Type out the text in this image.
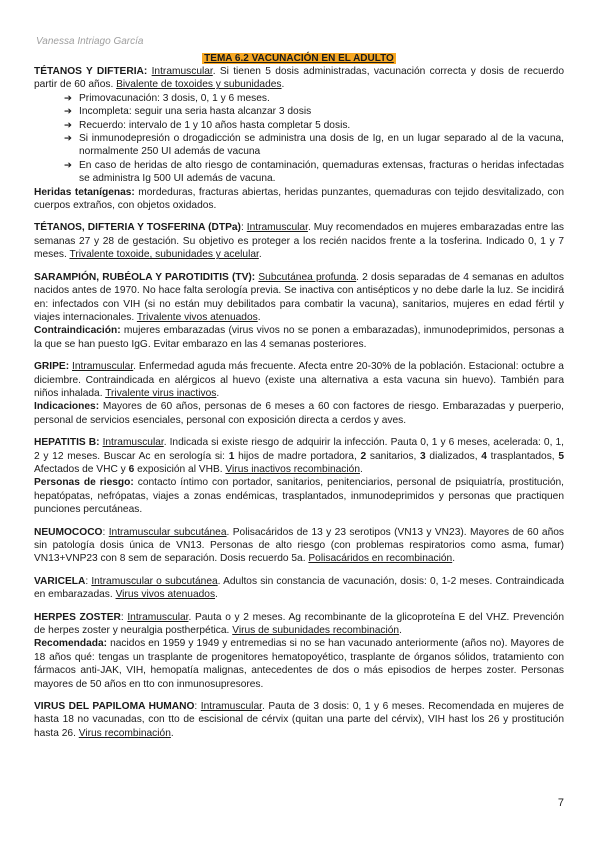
Vanessa Intriago García
TEMA 6.2 VACUNACIÓN EN EL ADULTO

TÉTANOS Y DIFTERIA: Intramuscular. Si tienen 5 dosis administradas, vacunación correcta y dosis de recuerdo partir de 60 años. Bivalente de toxoides y subunidades.

➔ Primovacunación: 3 dosis, 0, 1 y 6 meses.
➔ Incompleta: seguir una seria hasta alcanzar 3 dosis
➔ Recuerdo: intervalo de 1 y 10 años hasta completar 5 dosis.
➔ Si inmunodepresión o drogadicción se administra una dosis de Ig, en un lugar separado al de la vacuna, normalmente 250 UI además de vacuna
➔ En caso de heridas de alto riesgo de contaminación, quemaduras extensas, fracturas o heridas infectadas se administra Ig 500 UI además de vacuna.

Heridas tetanígenas: mordeduras, fracturas abiertas, heridas punzantes, quemaduras con tejido desvitalizado, con cuerpos extraños, con objetos oxidados.

TÉTANOS, DIFTERIA Y TOSFERINA (DTPa): Intramuscular. Muy recomendados en mujeres embarazadas entre las semanas 27 y 28 de gestación. Su objetivo es proteger a los recién nacidos frente a la tosferina. Indicado 0, 1 y 7 meses. Trivalente toxoide, subunidades y acelular.

SARAMPIÓN, RUBÉOLA Y PAROTIDITIS (TV): Subcutánea profunda. 2 dosis separadas de 4 semanas en adultos nacidos antes de 1970. No hace falta serología previa. Se inactiva con antisépticos y no debe darle la luz. Se incidirá en: infectados con VIH (si no están muy debilitados para combatir la vacuna), sanitarios, mujeres en edad fértil y viajes internacionales. Trivalente vivos atenuados.

Contraindicación: mujeres embarazadas (virus vivos no se ponen a embarazadas), inmunodeprimidos, personas a la que se han puesto IgG. Evitar embarazo en las 4 semanas posteriores.

GRIPE: Intramuscular. Enfermedad aguda más frecuente. Afecta entre 20-30% de la población. Estacional: octubre a diciembre. Contraindicada en alérgicos al huevo (existe una alternativa a esta vacuna sin huevo). También para niños inhalada. Trivalente virus inactivos.

Indicaciones: Mayores de 60 años, personas de 6 meses a 60 con factores de riesgo. Embarazadas y puerperio, personal de servicios esenciales, personal con exposición directa a cerdos y aves.

HEPATITIS B: Intramuscular. Indicada si existe riesgo de adquirir la infección. Pauta 0, 1 y 6 meses, acelerada: 0, 1, 2 y 12 meses. Buscar Ac en serología si: 1 hijos de madre portadora, 2 sanitarios, 3 dializados, 4 trasplantados, 5 Afectados de VHC y 6 exposición al VHB. Virus inactivos recombinación.

Personas de riesgo: contacto íntimo con portador, sanitarios, penitenciarios, personal de psiquiatría, prostitución, hepatópatas, nefrópatas, viajes a zonas endémicas, trasplantados, inmunodeprimidos y personas que practiquen punciones percutáneas.

NEUMOCOCO: Intramuscular subcutánea. Polisacáridos de 13 y 23 serotipos (VN13 y VN23). Mayores de 60 años sin patología dosis única de VN13. Personas de alto riesgo (con problemas respiratorios como asma, fumar) VN13+VNP23 con 8 sem de separación. Dosis recuerdo 5a. Polisacáridos en recombinación.

VARICELA: Intramuscular o subcutánea. Adultos sin constancia de vacunación, dosis: 0, 1-2 meses. Contraindicada en embarazadas. Virus vivos atenuados.

HERPES ZOSTER: Intramuscular. Pauta o y 2 meses. Ag recombinante de la glicoproteína E del VHZ. Prevención de herpes zoster y neuralgia postherpética. Virus de subunidades recombinación.

Recomendada: nacidos en 1959 y 1949 y entremedias si no se han vacunado anteriormente (años no). Mayores de 18 años qué: tengas un trasplante de progenitores hematopoyético, trasplante de órganos sólidos, tratamiento con fármacos anti-JAK, VIH, hemopatía malignas, antecedentes de dos o más episodios de herpes zoster. Personas mayores de 50 años en tto con inmunosupresores.

VIRUS DEL PAPILOMA HUMANO: Intramuscular. Pauta de 3 dosis: 0, 1 y 6 meses. Recomendada en mujeres de hasta 18 no vacunadas, con tto de escisional de cérvix (quitan una parte del cérvix), VIH hast los 26 y prostitución hasta 26. Virus recombinación.

7
